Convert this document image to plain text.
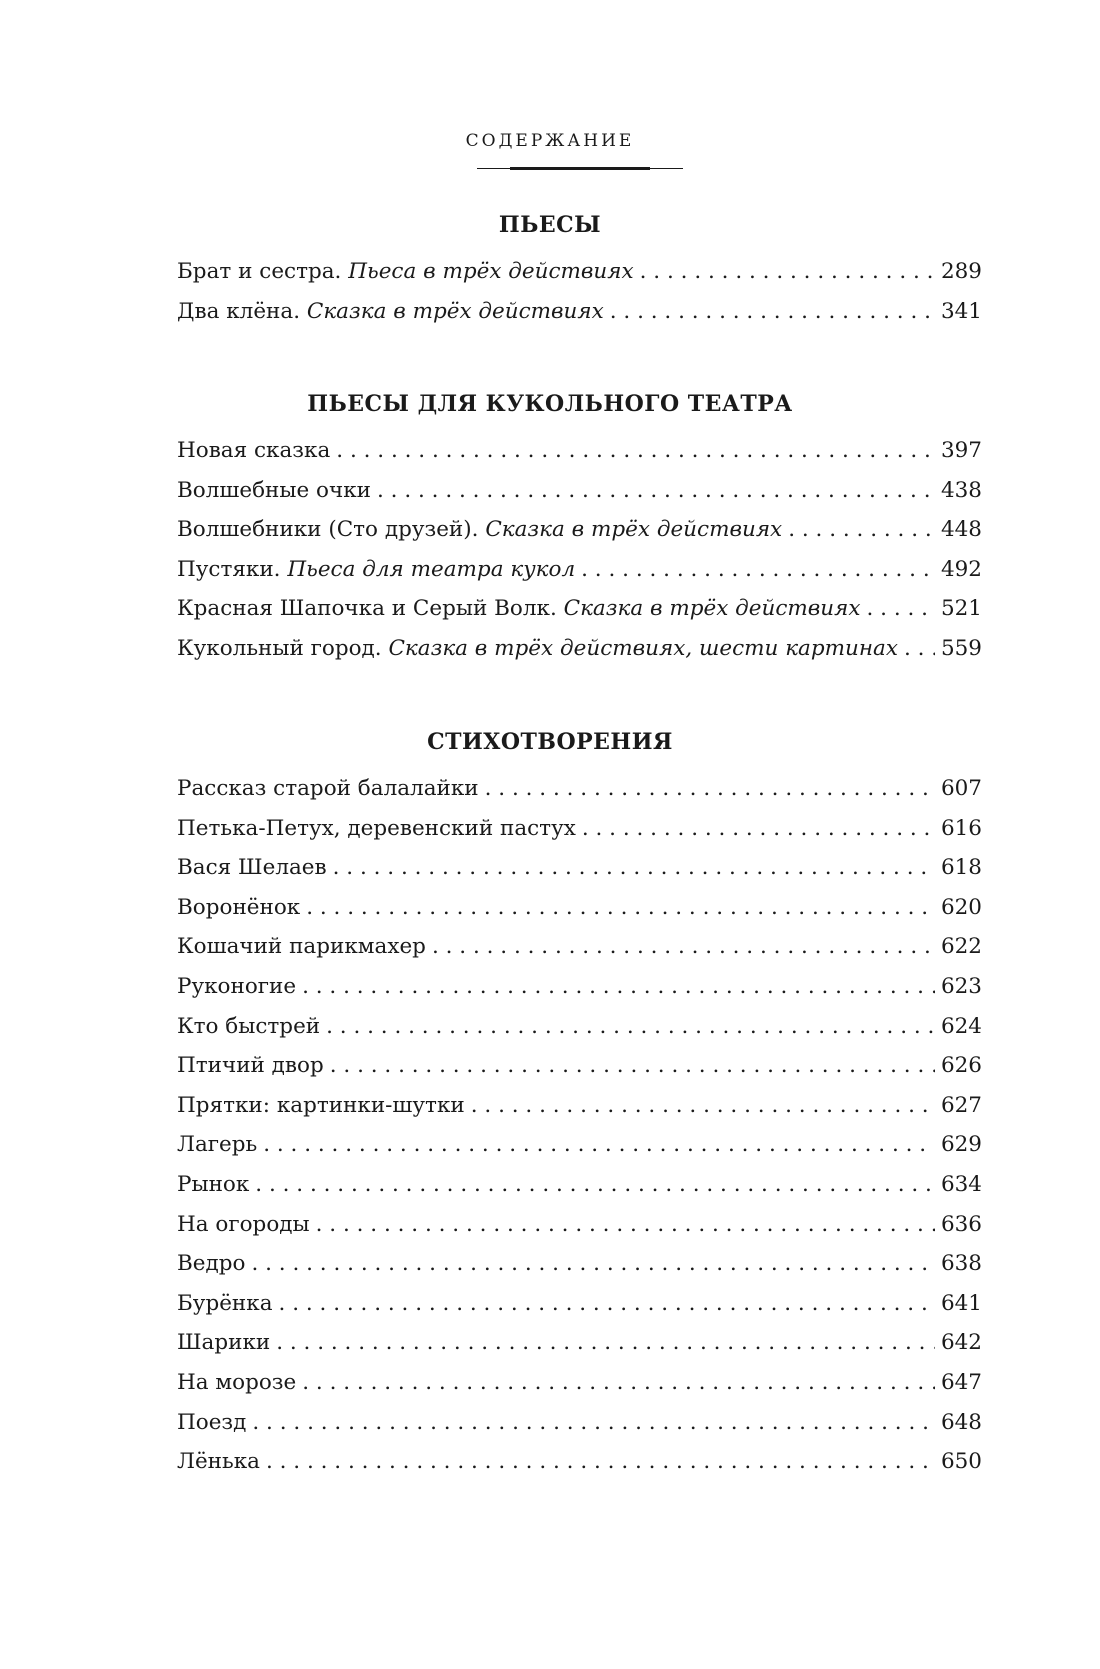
СОДЕРЖАНИЕ
ПЬЕСЫ
Брат и сестра. Пьеса в трёх действиях . . .	289
Два клёна. Сказка в трёх действиях . . .	341
ПЬЕСЫ ДЛЯ КУКОЛЬНОГО ТЕАТРА
Новая сказка . . .	397
Волшебные очки . . .	438
Волшебники (Сто друзей). Сказка в трёх действиях . . .	448
Пустяки. Пьеса для театра кукол . . .	492
Красная Шапочка и Серый Волк. Сказка в трёх действиях . . .	521
Кукольный город. Сказка в трёх действиях, шести картинах . . . 559
СТИХОТВОРЕНИЯ
Рассказ старой балалайки . . .	607
Петька-Петух, деревенский пастух . . .	616
Вася Шелаев . . .	618
Воронёнок . . .	620
Кошачий парикмахер . . .	622
Руконогие . . .	623
Кто быстрей . . .	624
Птичий двор . . .	626
Прятки: картинки-шутки . . .	627
Лагерь . . .	629
Рынок . . .	634
На огороды . . .	636
Ведро . . .	638
Бурёнка . . .	641
Шарики . . .	642
На морозе . . .	647
Поезд . . .	648
Лёнька . . .	650
